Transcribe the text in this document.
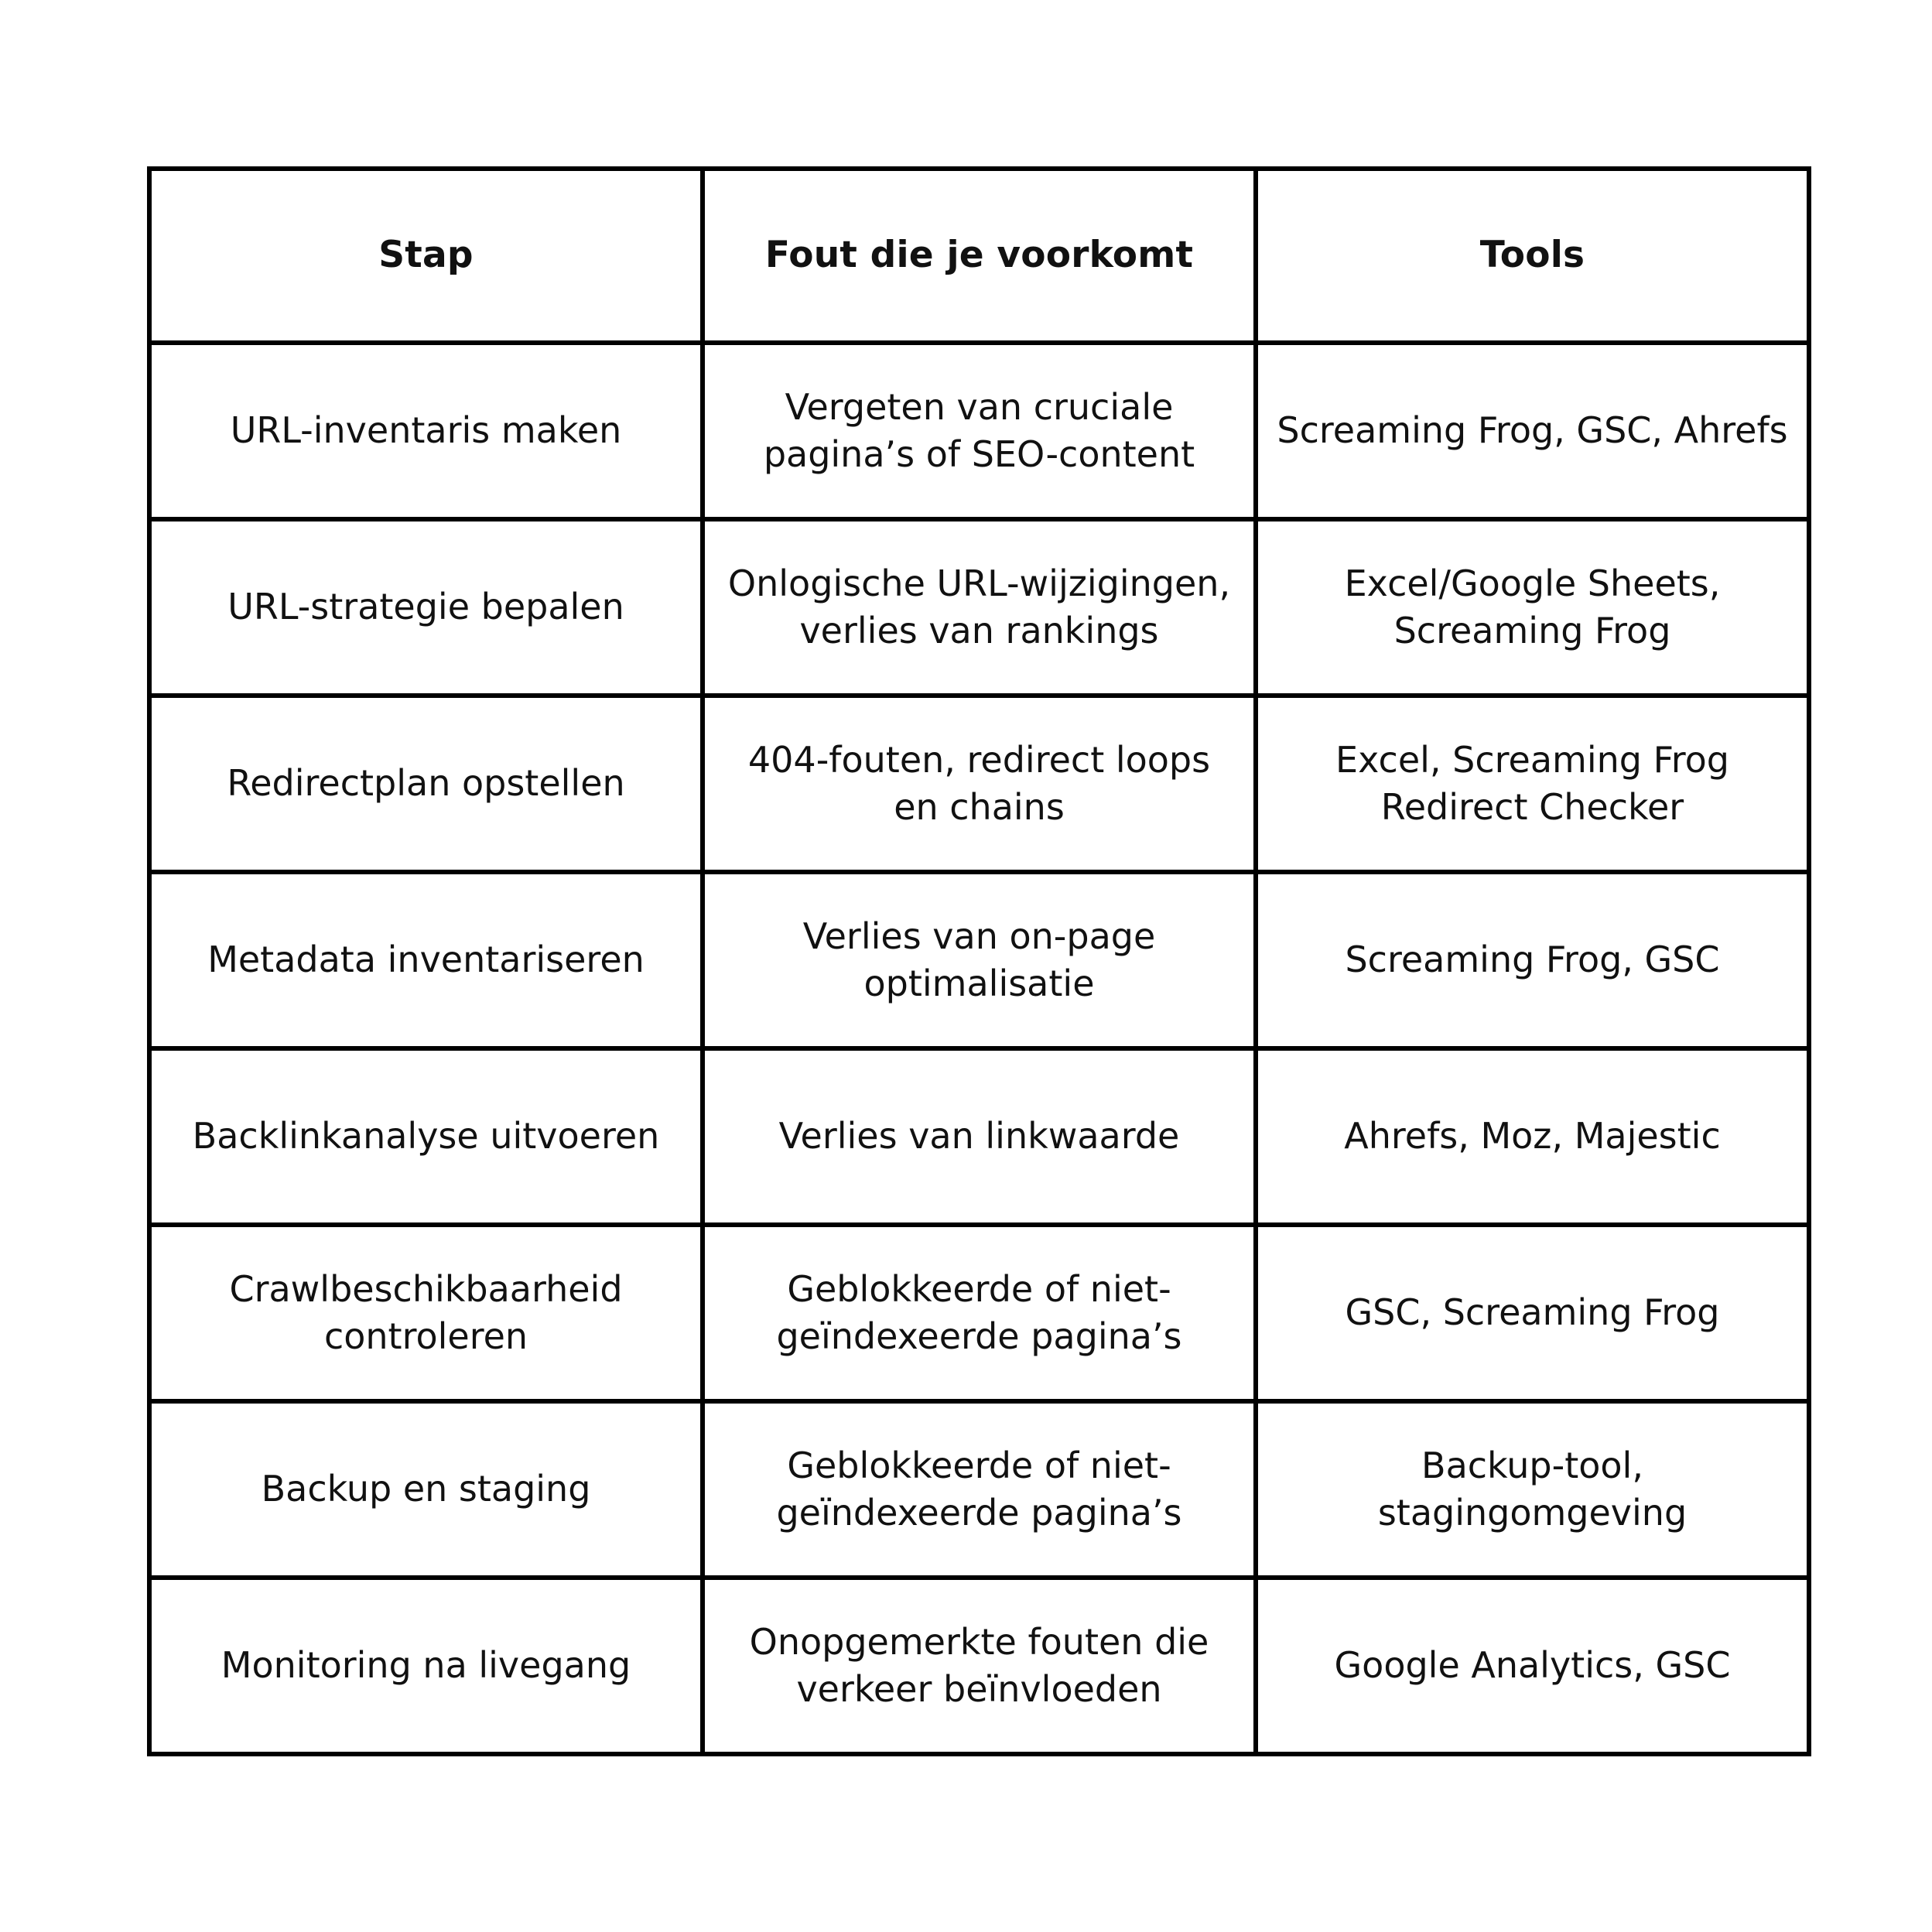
Stap	Fout die je voorkomt	Tools

URL-inventaris maken	Vergeten van cruciale pagina’s of SEO-content	Screaming Frog, GSC, Ahrefs

URL-strategie bepalen	Onlogische URL-wijzigingen, verlies van rankings	Excel/Google Sheets, Screaming Frog

Redirectplan opstellen	404-fouten, redirect loops en chains	Excel, Screaming Frog Redirect Checker

Metadata inventariseren	Verlies van on-page optimalisatie	Screaming Frog, GSC

Backlinkanalyse uitvoeren	Verlies van linkwaarde	Ahrefs, Moz, Majestic

Crawlbeschikbaarheid controleren	Geblokkeerde of niet-geïndexeerde pagina’s	GSC, Screaming Frog

Backup en staging	Geblokkeerde of niet-geïndexeerde pagina’s	Backup-tool, stagingomgeving

Monitoring na livegang	Onopgemerkte fouten die verkeer beïnvloeden	Google Analytics, GSC
